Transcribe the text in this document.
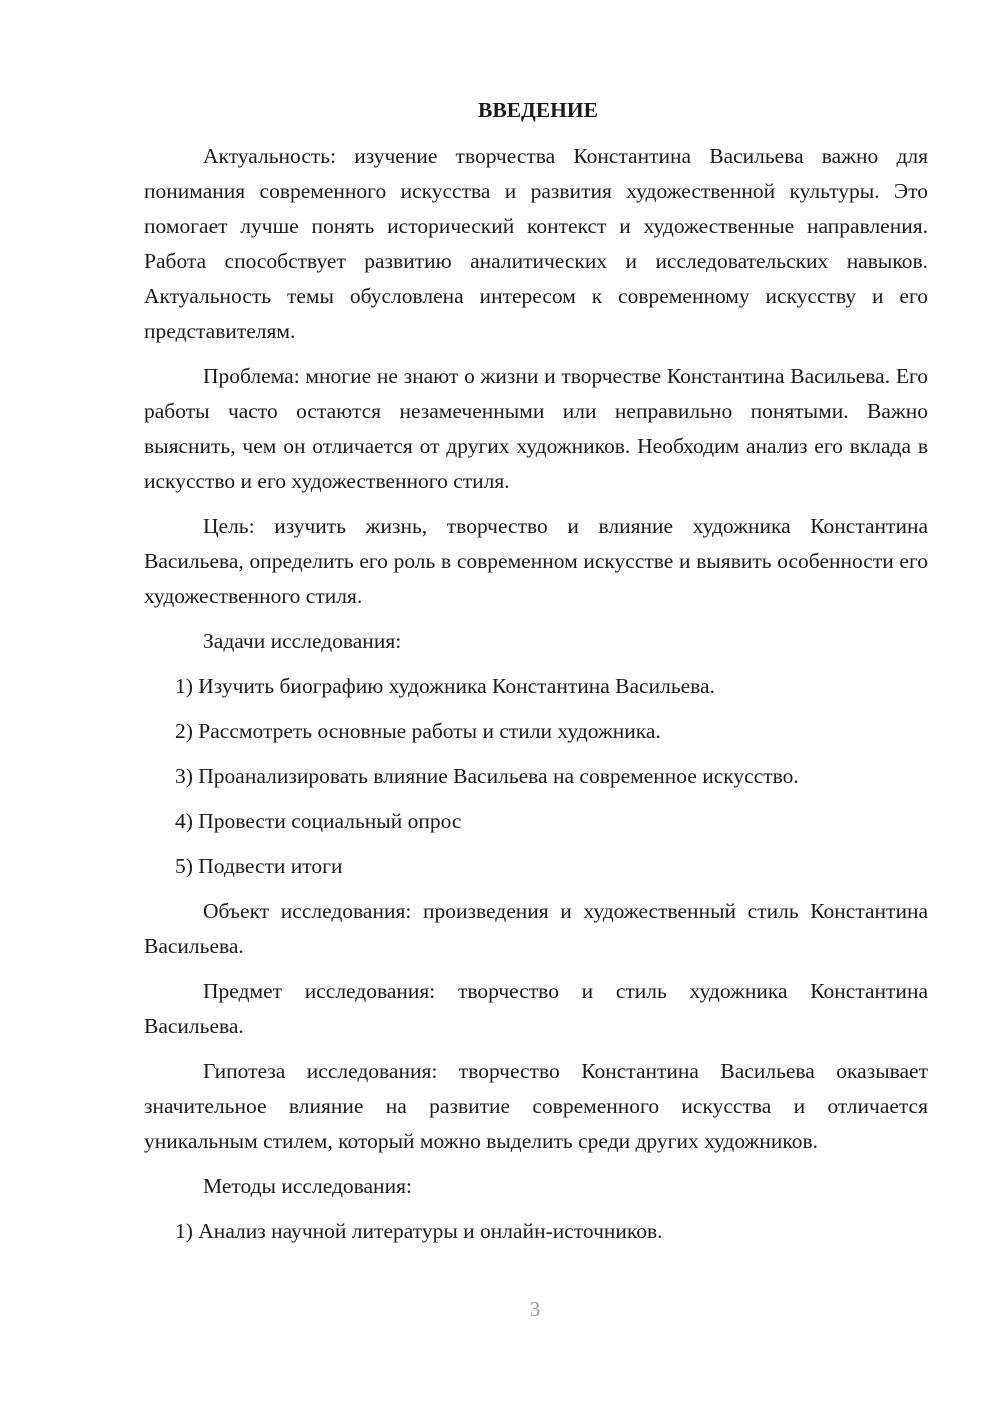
ВВЕДЕНИЕ

Актуальность: изучение творчества Константина Васильева важно для понимания современного искусства и развития художественной культуры. Это помогает лучше понять исторический контекст и художественные направления. Работа способствует развитию аналитических и исследовательских навыков. Актуальность темы обусловлена интересом к современному искусству и его представителям.

Проблема: многие не знают о жизни и творчестве Константина Васильева. Его работы часто остаются незамеченными или неправильно понятыми. Важно выяснить, чем он отличается от других художников. Необходим анализ его вклада в искусство и его художественного стиля.

Цель: изучить жизнь, творчество и влияние художника Константина Васильева, определить его роль в современном искусстве и выявить особенности его художественного стиля.

Задачи исследования:

1) Изучить биографию художника Константина Васильева.

2) Рассмотреть основные работы и стили художника.

3) Проанализировать влияние Васильева на современное искусство.

4) Провести социальный опрос

5) Подвести итоги

Объект исследования: произведения и художественный стиль Константина Васильева.

Предмет исследования: творчество и стиль художника Константина Васильева.

Гипотеза исследования: творчество Константина Васильева оказывает значительное влияние на развитие современного искусства и отличается уникальным стилем, который можно выделить среди других художников.

Методы исследования:

1) Анализ научной литературы и онлайн-источников.

3
